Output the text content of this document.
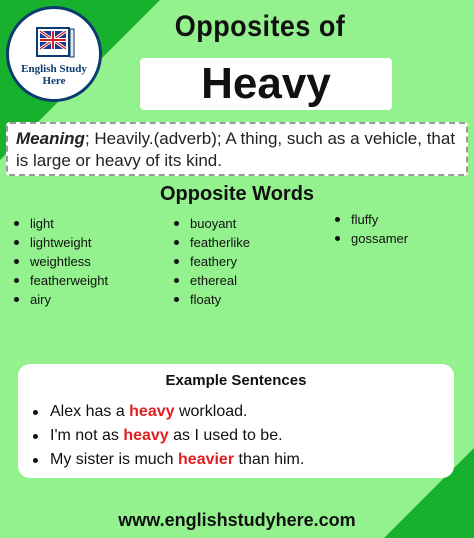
English Study Here
Opposites of
Heavy
Meaning; Heavily.(adverb); A thing, such as a vehicle, that is large or heavy of its kind.
Opposite Words
light
lightweight
weightless
featherweight
airy
buoyant
featherlike
feathery
ethereal
floaty
fluffy
gossamer
Example Sentences
Alex has a heavy workload.
I'm not as heavy as I used to be.
My sister is much heavier than him.
www.englishstudyhere.com
